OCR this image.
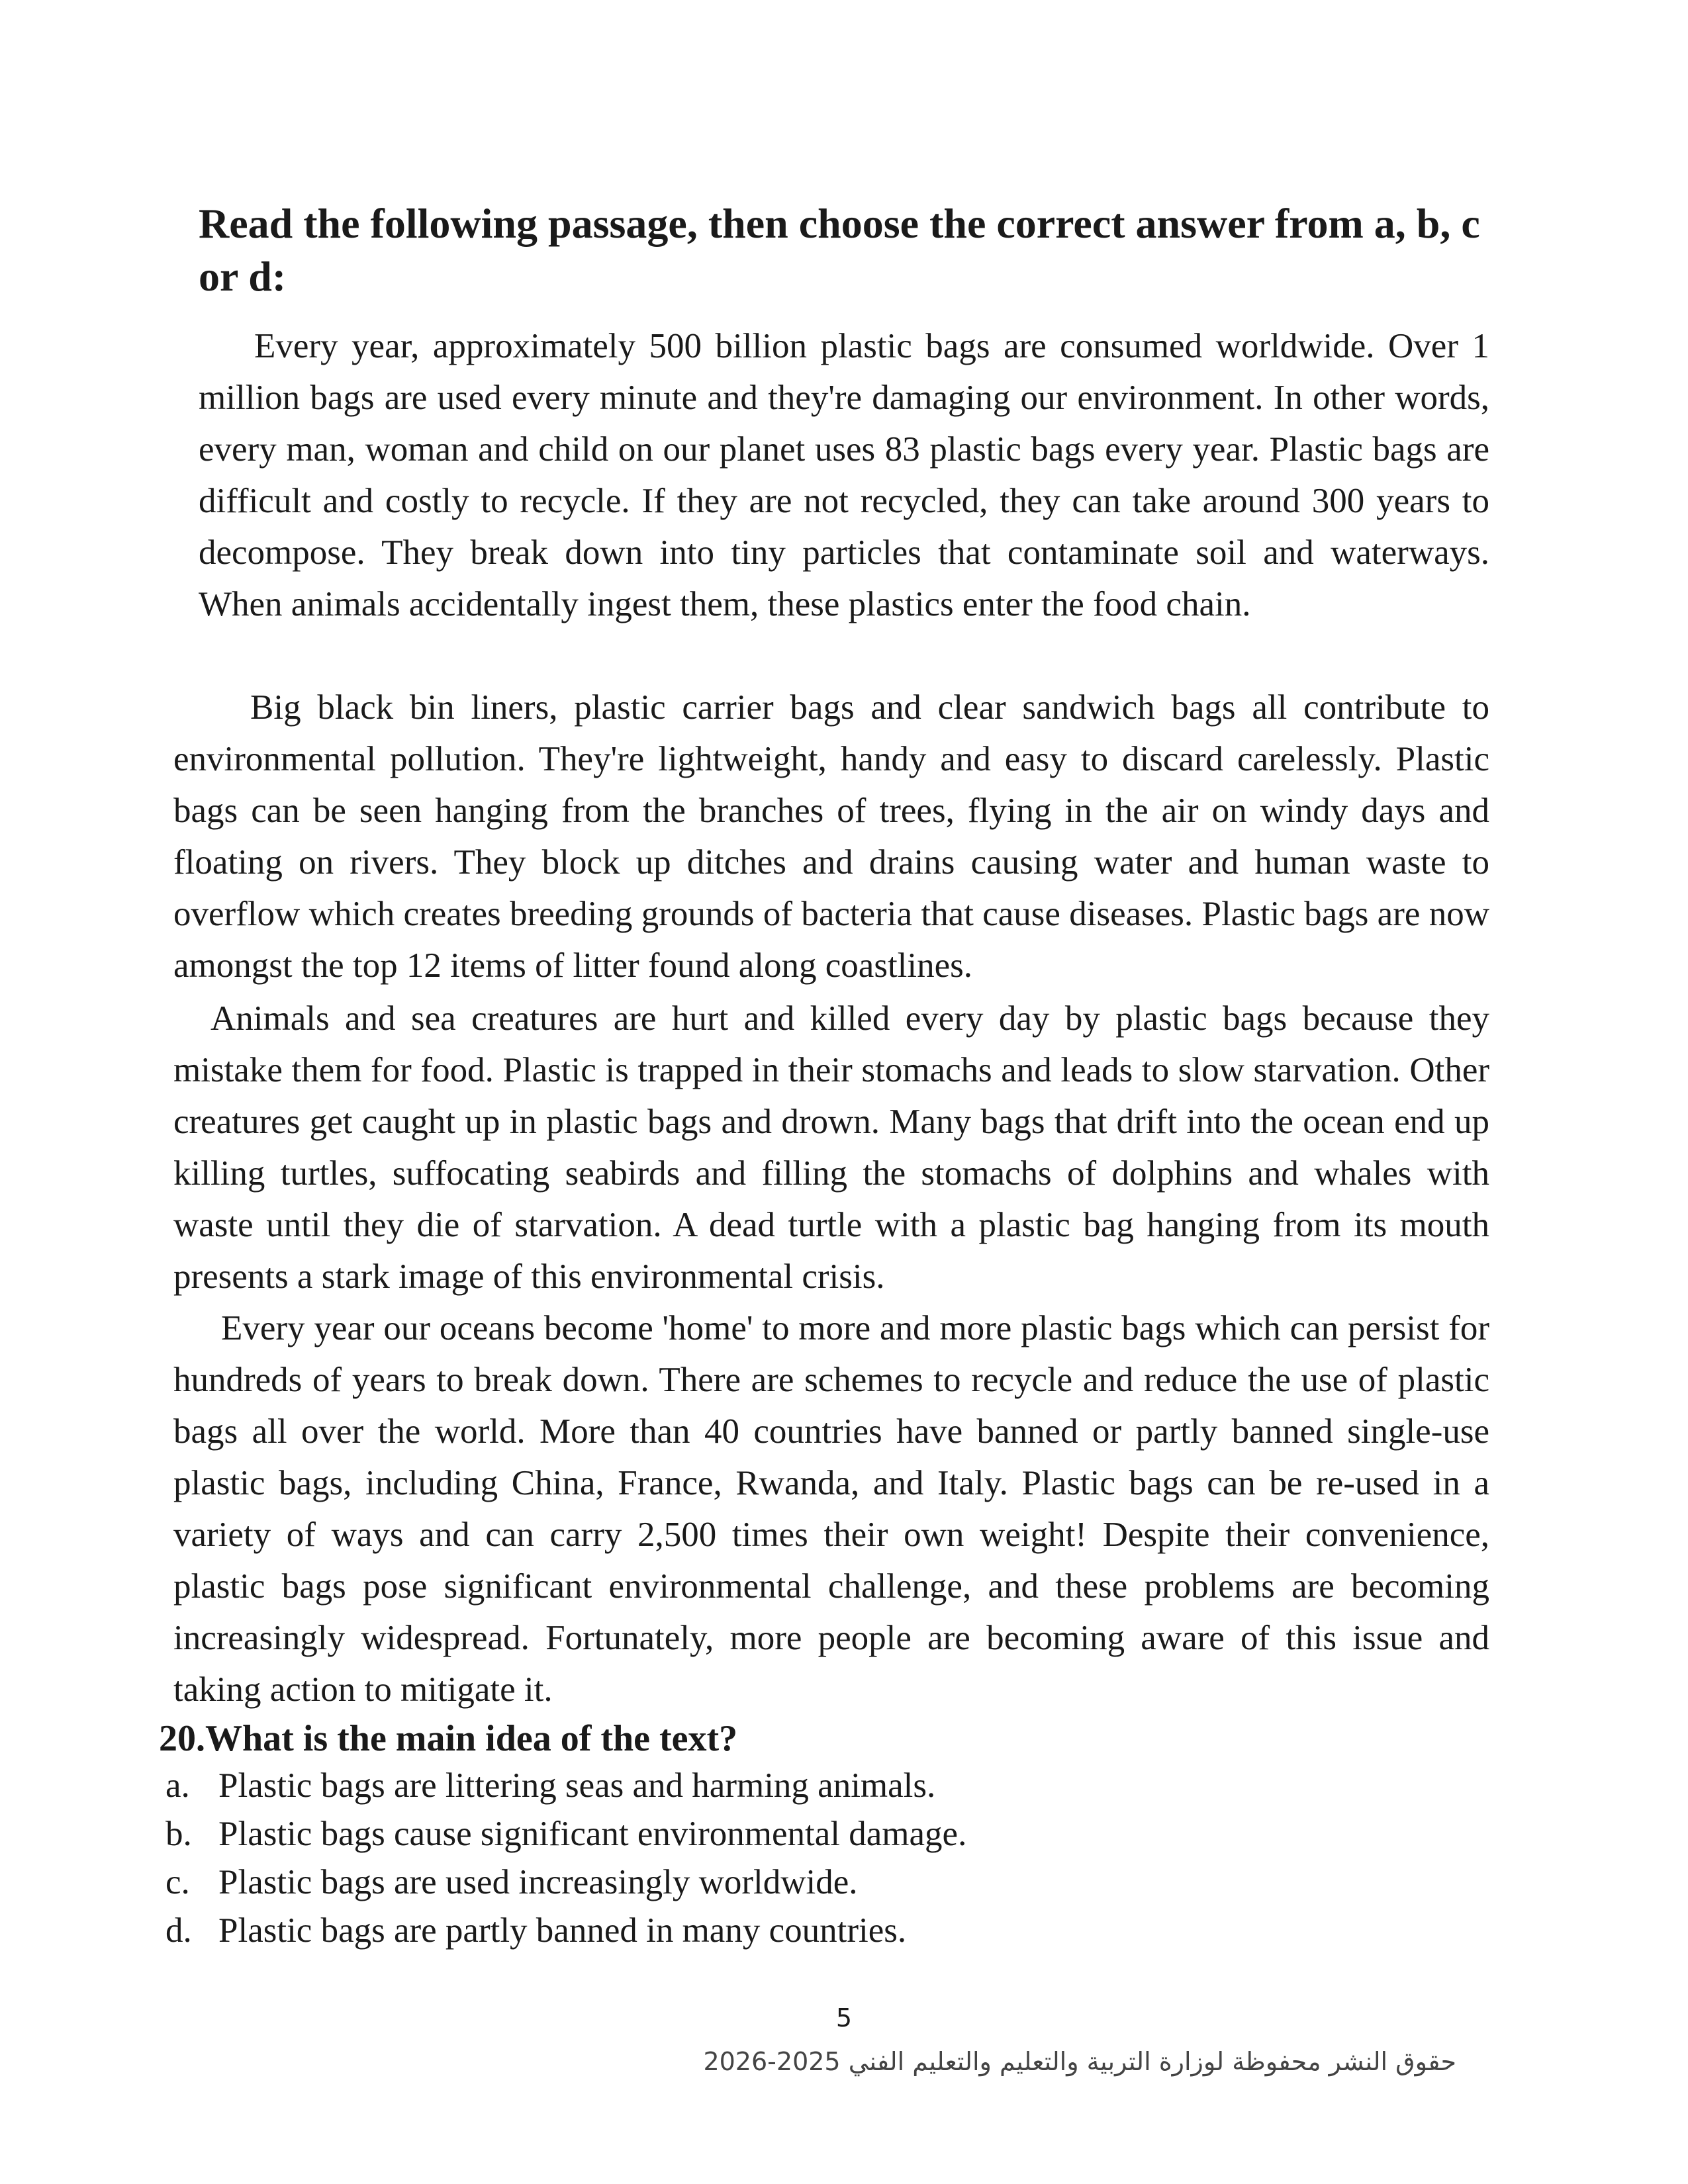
Read the following passage, then choose the correct answer from a, b, c or d:

Every year, approximately 500 billion plastic bags are consumed worldwide. Over 1 million bags are used every minute and they're damaging our environment. In other words, every man, woman and child on our planet uses 83 plastic bags every year. Plastic bags are difficult and costly to recycle. If they are not recycled, they can take around 300 years to decompose. They break down into tiny particles that contaminate soil and waterways. When animals accidentally ingest them, these plastics enter the food chain.

Big black bin liners, plastic carrier bags and clear sandwich bags all contribute to environmental pollution. They're lightweight, handy and easy to discard carelessly. Plastic bags can be seen hanging from the branches of trees, flying in the air on windy days and floating on rivers. They block up ditches and drains causing water and human waste to overflow which creates breeding grounds of bacteria that cause diseases. Plastic bags are now amongst the top 12 items of litter found along coastlines.

Animals and sea creatures are hurt and killed every day by plastic bags because they mistake them for food. Plastic is trapped in their stomachs and leads to slow starvation. Other creatures get caught up in plastic bags and drown. Many bags that drift into the ocean end up killing turtles, suffocating seabirds and filling the stomachs of dolphins and whales with waste until they die of starvation. A dead turtle with a plastic bag hanging from its mouth presents a stark image of this environmental crisis.

Every year our oceans become 'home' to more and more plastic bags which can persist for hundreds of years to break down. There are schemes to recycle and reduce the use of plastic bags all over the world. More than 40 countries have banned or partly banned single-use plastic bags, including China, France, Rwanda, and Italy. Plastic bags can be re-used in a variety of ways and can carry 2,500 times their own weight! Despite their convenience, plastic bags pose significant environmental challenge, and these problems are becoming increasingly widespread. Fortunately, more people are becoming aware of this issue and taking action to mitigate it.

20.What is the main idea of the text?

a. Plastic bags are littering seas and harming animals.
b. Plastic bags cause significant environmental damage.
c. Plastic bags are used increasingly worldwide.
d. Plastic bags are partly banned in many countries.
5
حقوق النشر محفوظة لوزارة التربية والتعليم والتعليم الفني 2025-2026
